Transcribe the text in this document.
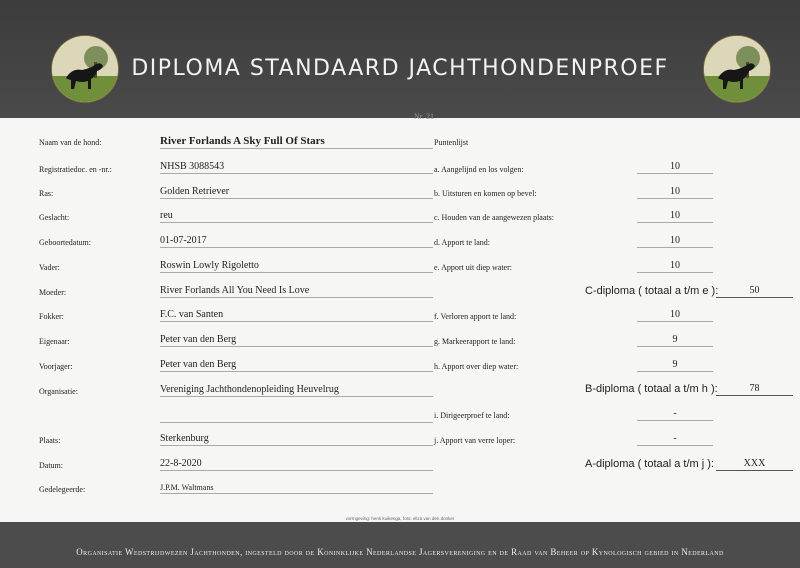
DIPLOMA STANDAARD JACHTHONDENPROEF
Nr. 21
Naam van de hond:	River Forlands A Sky Full Of Stars
Registratiedoc. en -nr.:	NHSB 3088543
Ras:	Golden Retriever
Geslacht:	reu
Geboortedatum:	01-07-2017
Vader:	Roswin Lowly Rigoletto
Moeder:	River Forlands All You Need Is Love
Fokker:	F.C. van Santen
Eigenaar:	Peter van den Berg
Voorjager:	Peter van den Berg
Organisatie:	Vereniging Jachthondenopleiding Heuvelrug
Plaats:	Sterkenburg
Datum:	22-8-2020
Gedelegeerde:	J.P.M. Waltmans
Puntenlijst
a. Aangelijnd en los volgen:	10
b. Uitsturen en komen op bevel:	10
c. Houden van de aangewezen plaats:	10
d. Apport te land:	10
e. Apport uit diep water:	10
C-diploma ( totaal a t/m e ):	50
f. Verloren apport te land:	10
g. Markeerapport te land:	9
h. Apport over diep water:	9
B-diploma ( totaal a t/m h ):	78
i. Dirigeerproef te land:	-
j. Apport van verre loper:	-
A-diploma ( totaal a t/m j ):	XXX
vormgeving: henk kuikenga, foto: eliza van den donker
Organisatie Wedstrijdwezen Jachthonden, ingesteld door de Koninklijke Nederlandse Jagersvereniging en de Raad van Beheer op Kynologisch gebied in Nederland
